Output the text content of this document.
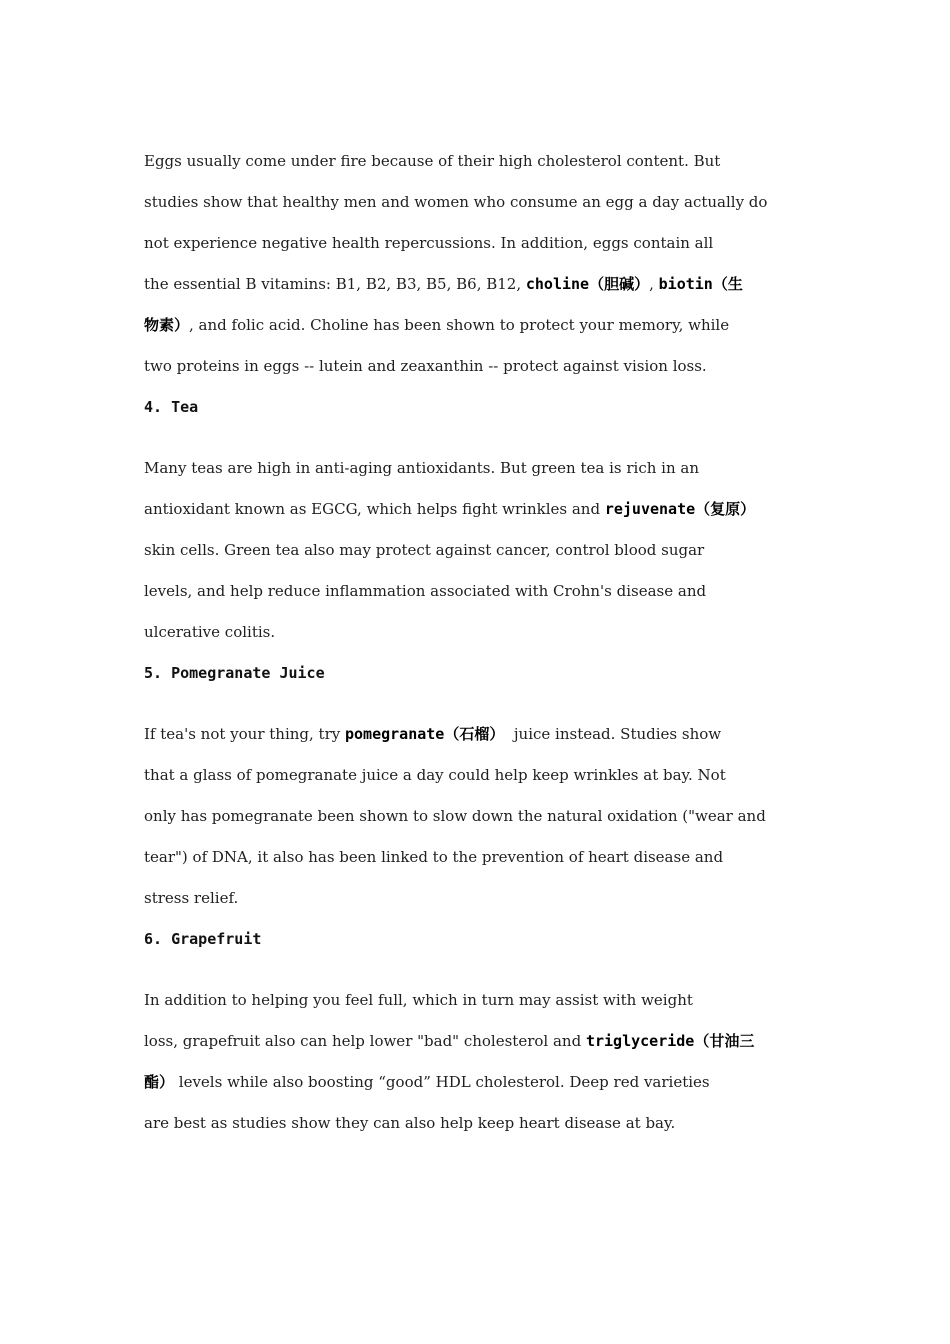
Eggs usually come under fire because of their high cholesterol content. But
studies show that healthy men and women who consume an egg a day actually do
not experience negative health repercussions. In addition, eggs contain all
the essential B vitamins: B1, B2, B3, B5, B6, B12, choline（胆碱）, biotin（生
物素）, and folic acid. Choline has been shown to protect your memory, while
two proteins in eggs -- lutein and zeaxanthin -- protect against vision loss.
4. Tea
Many teas are high in anti-aging antioxidants. But green tea is rich in an
antioxidant known as EGCG, which helps fight wrinkles and rejuvenate（复原）
skin cells. Green tea also may protect against cancer, control blood sugar
levels, and help reduce inflammation associated with Crohn's disease and
ulcerative colitis.
5. Pomegranate Juice
If tea's not your thing, try pomegranate（石榴）  juice instead. Studies show
that a glass of pomegranate juice a day could help keep wrinkles at bay. Not
only has pomegranate been shown to slow down the natural oxidation ("wear and
tear") of DNA, it also has been linked to the prevention of heart disease and
stress relief.
6. Grapefruit
In addition to helping you feel full, which in turn may assist with weight
loss, grapefruit also can help lower "bad" cholesterol and triglyceride（甘油三
酯） levels while also boosting “good” HDL cholesterol. Deep red varieties
are best as studies show they can also help keep heart disease at bay.
